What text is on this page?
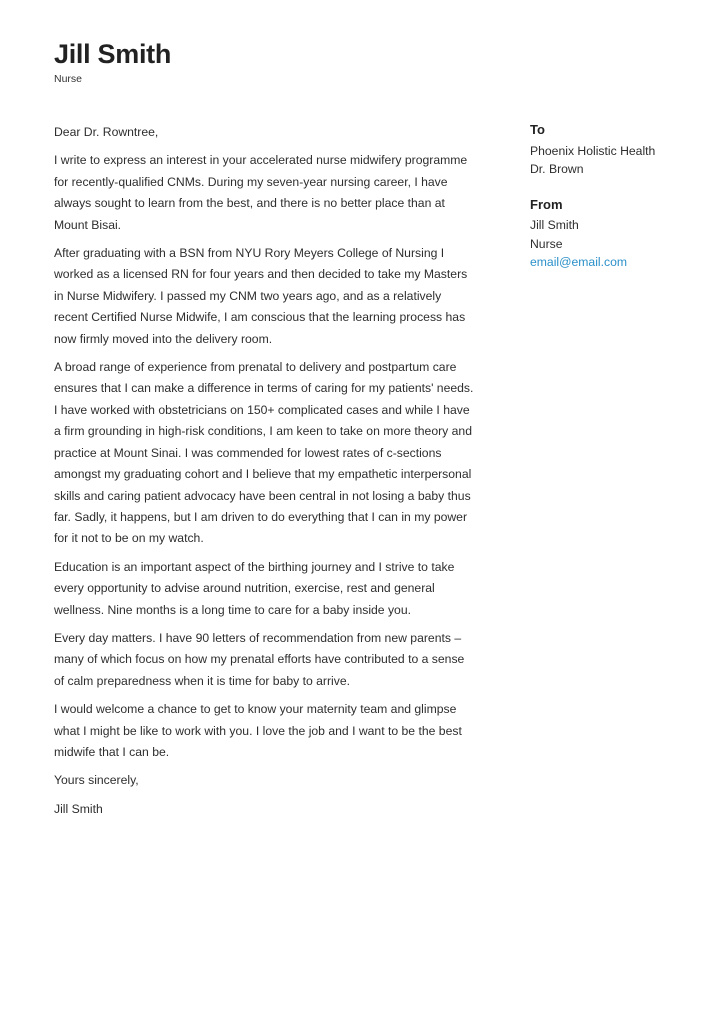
Jill Smith
Nurse

Dear Dr. Rowntree,

I write to express an interest in your accelerated nurse midwifery programme for recently-qualified CNMs. During my seven-year nursing career, I have always sought to learn from the best, and there is no better place than at Mount Bisai.

After graduating with a BSN from NYU Rory Meyers College of Nursing I worked as a licensed RN for four years and then decided to take my Masters in Nurse Midwifery. I passed my CNM two years ago, and as a relatively recent Certified Nurse Midwife, I am conscious that the learning process has now firmly moved into the delivery room.

A broad range of experience from prenatal to delivery and postpartum care ensures that I can make a difference in terms of caring for my patients' needs. I have worked with obstetricians on 150+ complicated cases and while I have a firm grounding in high-risk conditions, I am keen to take on more theory and practice at Mount Sinai. I was commended for lowest rates of c-sections amongst my graduating cohort and I believe that my empathetic interpersonal skills and caring patient advocacy have been central in not losing a baby thus far. Sadly, it happens, but I am driven to do everything that I can in my power for it not to be on my watch.

Education is an important aspect of the birthing journey and I strive to take every opportunity to advise around nutrition, exercise, rest and general wellness. Nine months is a long time to care for a baby inside you.

Every day matters. I have 90 letters of recommendation from new parents – many of which focus on how my prenatal efforts have contributed to a sense of calm preparedness when it is time for baby to arrive.

I would welcome a chance to get to know your maternity team and glimpse what I might be like to work with you. I love the job and I want to be the best midwife that I can be.

Yours sincerely,

Jill Smith

To
Phoenix Holistic Health
Dr. Brown
From
Jill Smith
Nurse
email@email.com
